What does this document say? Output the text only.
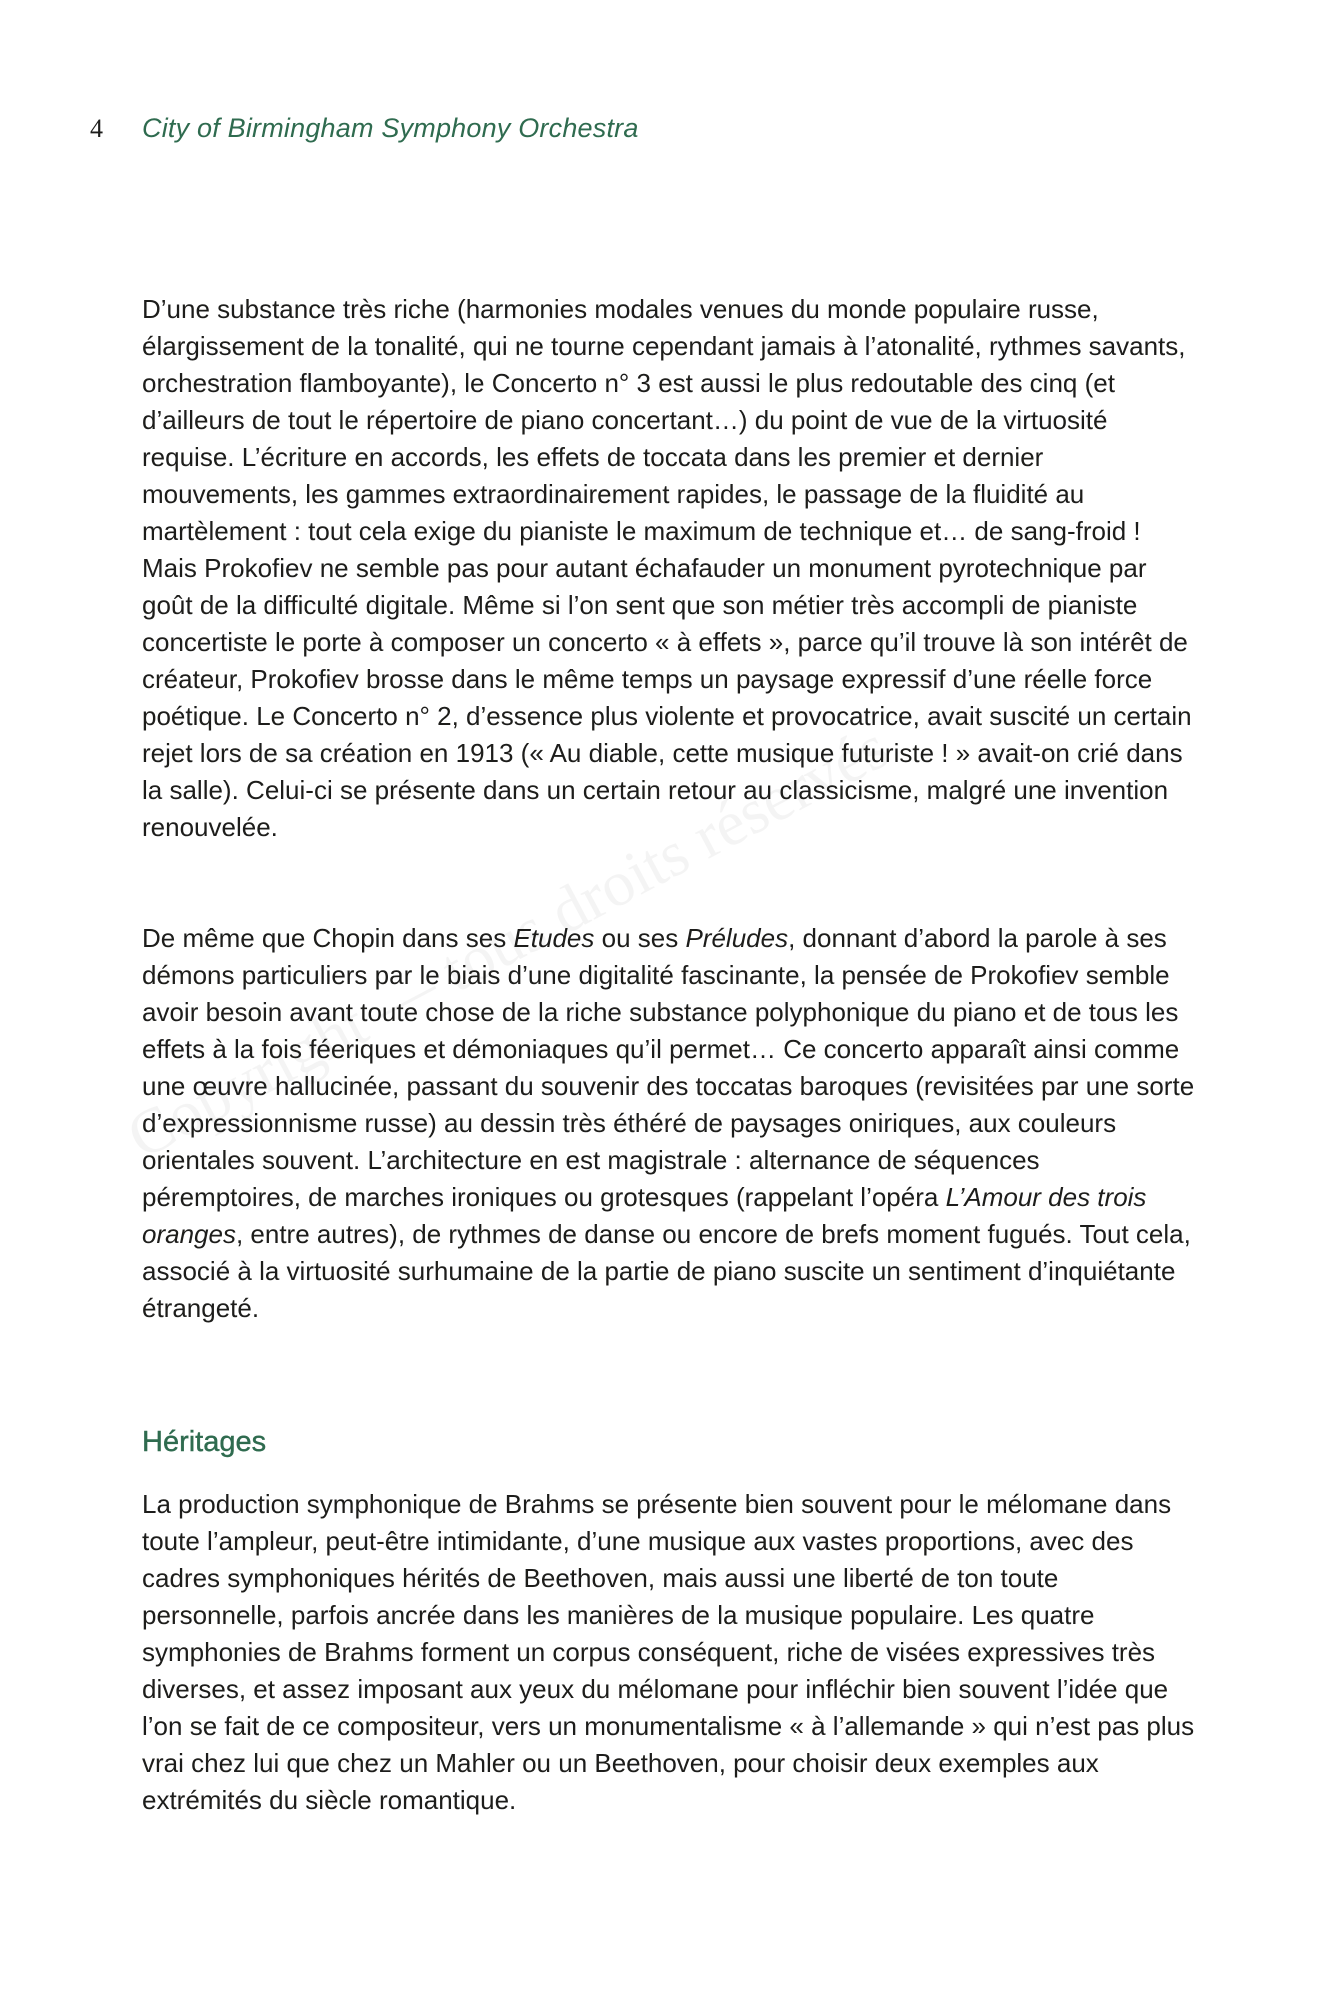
4 City of Birmingham Symphony Orchestra

D’une substance très riche (harmonies modales venues du monde populaire russe, élargissement de la tonalité, qui ne tourne cependant jamais à l’atonalité, rythmes savants, orchestration flamboyante), le Concerto n° 3 est aussi le plus redoutable des cinq (et d’ailleurs de tout le répertoire de piano concertant…) du point de vue de la virtuosité requise. L’écriture en accords, les effets de toccata dans les premier et dernier mouvements, les gammes extraordinairement rapides, le passage de la fluidité au martèlement : tout cela exige du pianiste le maximum de technique et… de sang-froid ! Mais Prokofiev ne semble pas pour autant échafauder un monument pyrotechnique par goût de la difficulté digitale. Même si l’on sent que son métier très accompli de pianiste concertiste le porte à composer un concerto « à effets », parce qu’il trouve là son intérêt de créateur, Prokofiev brosse dans le même temps un paysage expressif d’une réelle force poétique. Le Concerto n° 2, d’essence plus violente et provocatrice, avait suscité un certain rejet lors de sa création en 1913 (« Au diable, cette musique futuriste ! » avait-on crié dans la salle). Celui-ci se présente dans un certain retour au classicisme, malgré une invention renouvelée.

De même que Chopin dans ses Etudes ou ses Préludes, donnant d’abord la parole à ses démons particuliers par le biais d’une digitalité fascinante, la pensée de Prokofiev semble avoir besoin avant toute chose de la riche substance polyphonique du piano et de tous les effets à la fois féeriques et démoniaques qu’il permet… Ce concerto apparaît ainsi comme une œuvre hallucinée, passant du souvenir des toccatas baroques (revisitées par une sorte d’expressionnisme russe) au dessin très éthéré de paysages oniriques, aux couleurs orientales souvent. L’architecture en est magistrale : alternance de séquences péremptoires, de marches ironiques ou grotesques (rappelant l’opéra L’Amour des trois oranges, entre autres), de rythmes de danse ou encore de brefs moment fugués. Tout cela, associé à la virtuosité surhumaine de la partie de piano suscite un sentiment d’inquiétante étrangeté.

Héritages

La production symphonique de Brahms se présente bien souvent pour le mélomane dans toute l’ampleur, peut-être intimidante, d’une musique aux vastes proportions, avec des cadres symphoniques hérités de Beethoven, mais aussi une liberté de ton toute personnelle, parfois ancrée dans les manières de la musique populaire. Les quatre symphonies de Brahms forment un corpus conséquent, riche de visées expressives très diverses, et assez imposant aux yeux du mélomane pour infléchir bien souvent l’idée que l’on se fait de ce compositeur, vers un monumentalisme « à l’allemande » qui n’est pas plus vrai chez lui que chez un Mahler ou un Beethoven, pour choisir deux exemples aux extrémités du siècle romantique.
